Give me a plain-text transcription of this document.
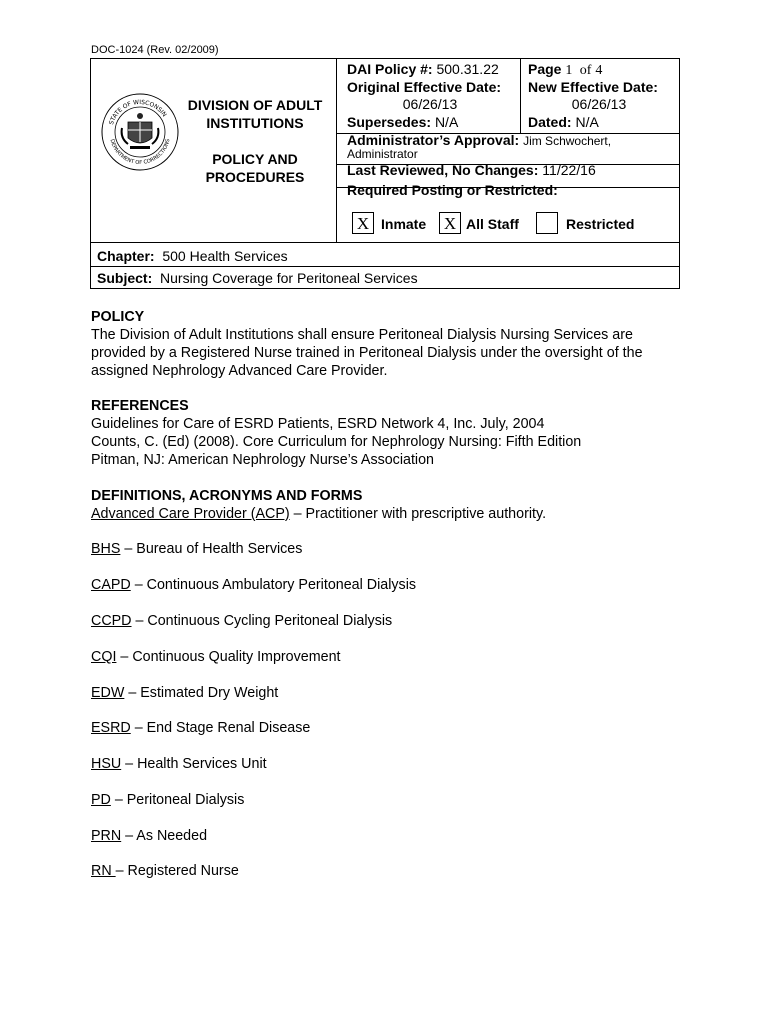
DOC-1024 (Rev. 02/2009)
STATE OF WISCONSIN
DEPARTMENT OF CORRECTIONS
DIVISION OF ADULT
INSTITUTIONS
POLICY AND
PROCEDURES
DAI Policy #: 500.31.22
Original Effective Date:
06/26/13
Page 1 of 4
New Effective Date:
06/26/13
Supersedes: N/A	Dated: N/A
Administrator’s Approval: Jim Schwochert,
Administrator
Last Reviewed, No Changes: 11/22/16
Required Posting or Restricted:
X Inmate X All Staff	Restricted
Chapter: 500 Health Services
Subject: Nursing Coverage for Peritoneal Services
POLICY
The Division of Adult Institutions shall ensure Peritoneal Dialysis Nursing Services are
provided by a Registered Nurse trained in Peritoneal Dialysis under the oversight of the
assigned Nephrology Advanced Care Provider.
REFERENCES
Guidelines for Care of ESRD Patients, ESRD Network 4, Inc. July, 2004
Counts, C. (Ed) (2008). Core Curriculum for Nephrology Nursing: Fifth Edition
Pitman, NJ: American Nephrology Nurse’s Association
DEFINITIONS, ACRONYMS AND FORMS
Advanced Care Provider (ACP) – Practitioner with prescriptive authority.
BHS – Bureau of Health Services
CAPD – Continuous Ambulatory Peritoneal Dialysis
CCPD – Continuous Cycling Peritoneal Dialysis
CQI – Continuous Quality Improvement
EDW – Estimated Dry Weight
ESRD – End Stage Renal Disease
HSU – Health Services Unit
PD – Peritoneal Dialysis
PRN – As Needed
RN – Registered Nurse
